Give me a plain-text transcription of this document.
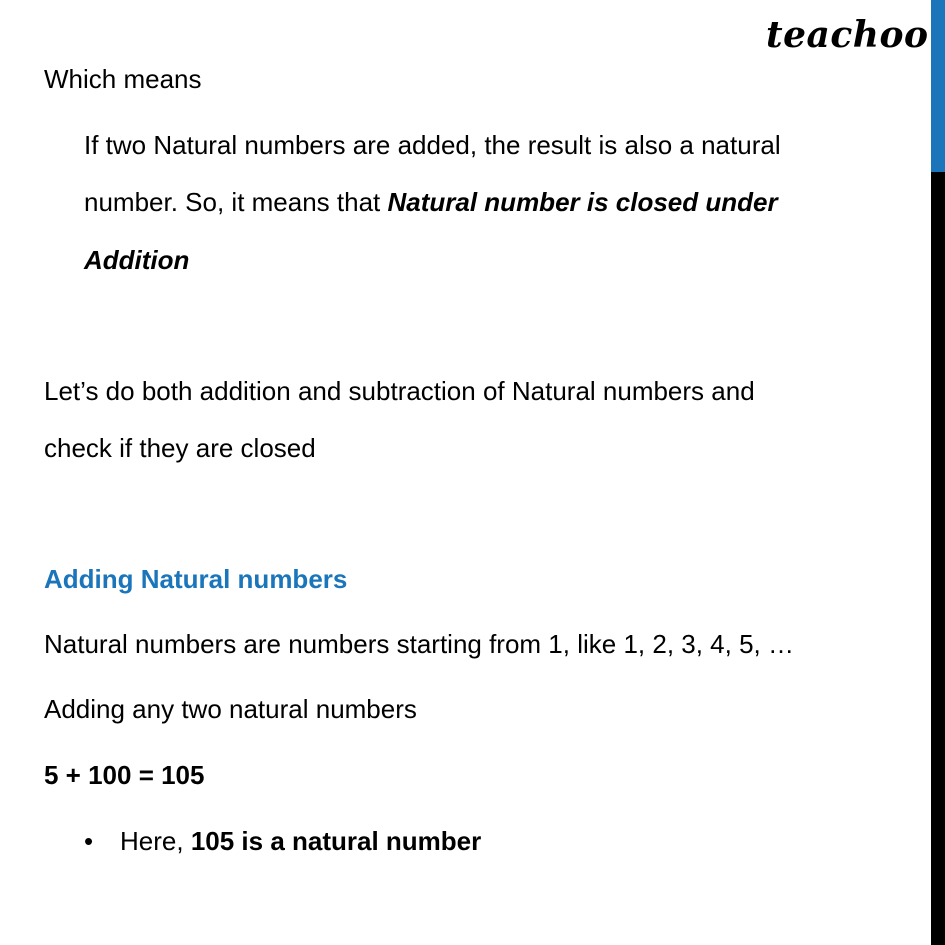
teachoo
Which means
If two Natural numbers are added, the result is also a natural
number. So, it means that Natural number is closed under
Addition
Let’s do both addition and subtraction of Natural numbers and
check if they are closed
Adding Natural numbers
Natural numbers are numbers starting from 1, like 1, 2, 3, 4, 5, …
Adding any two natural numbers
5 + 100 = 105
• Here, 105 is a natural number
